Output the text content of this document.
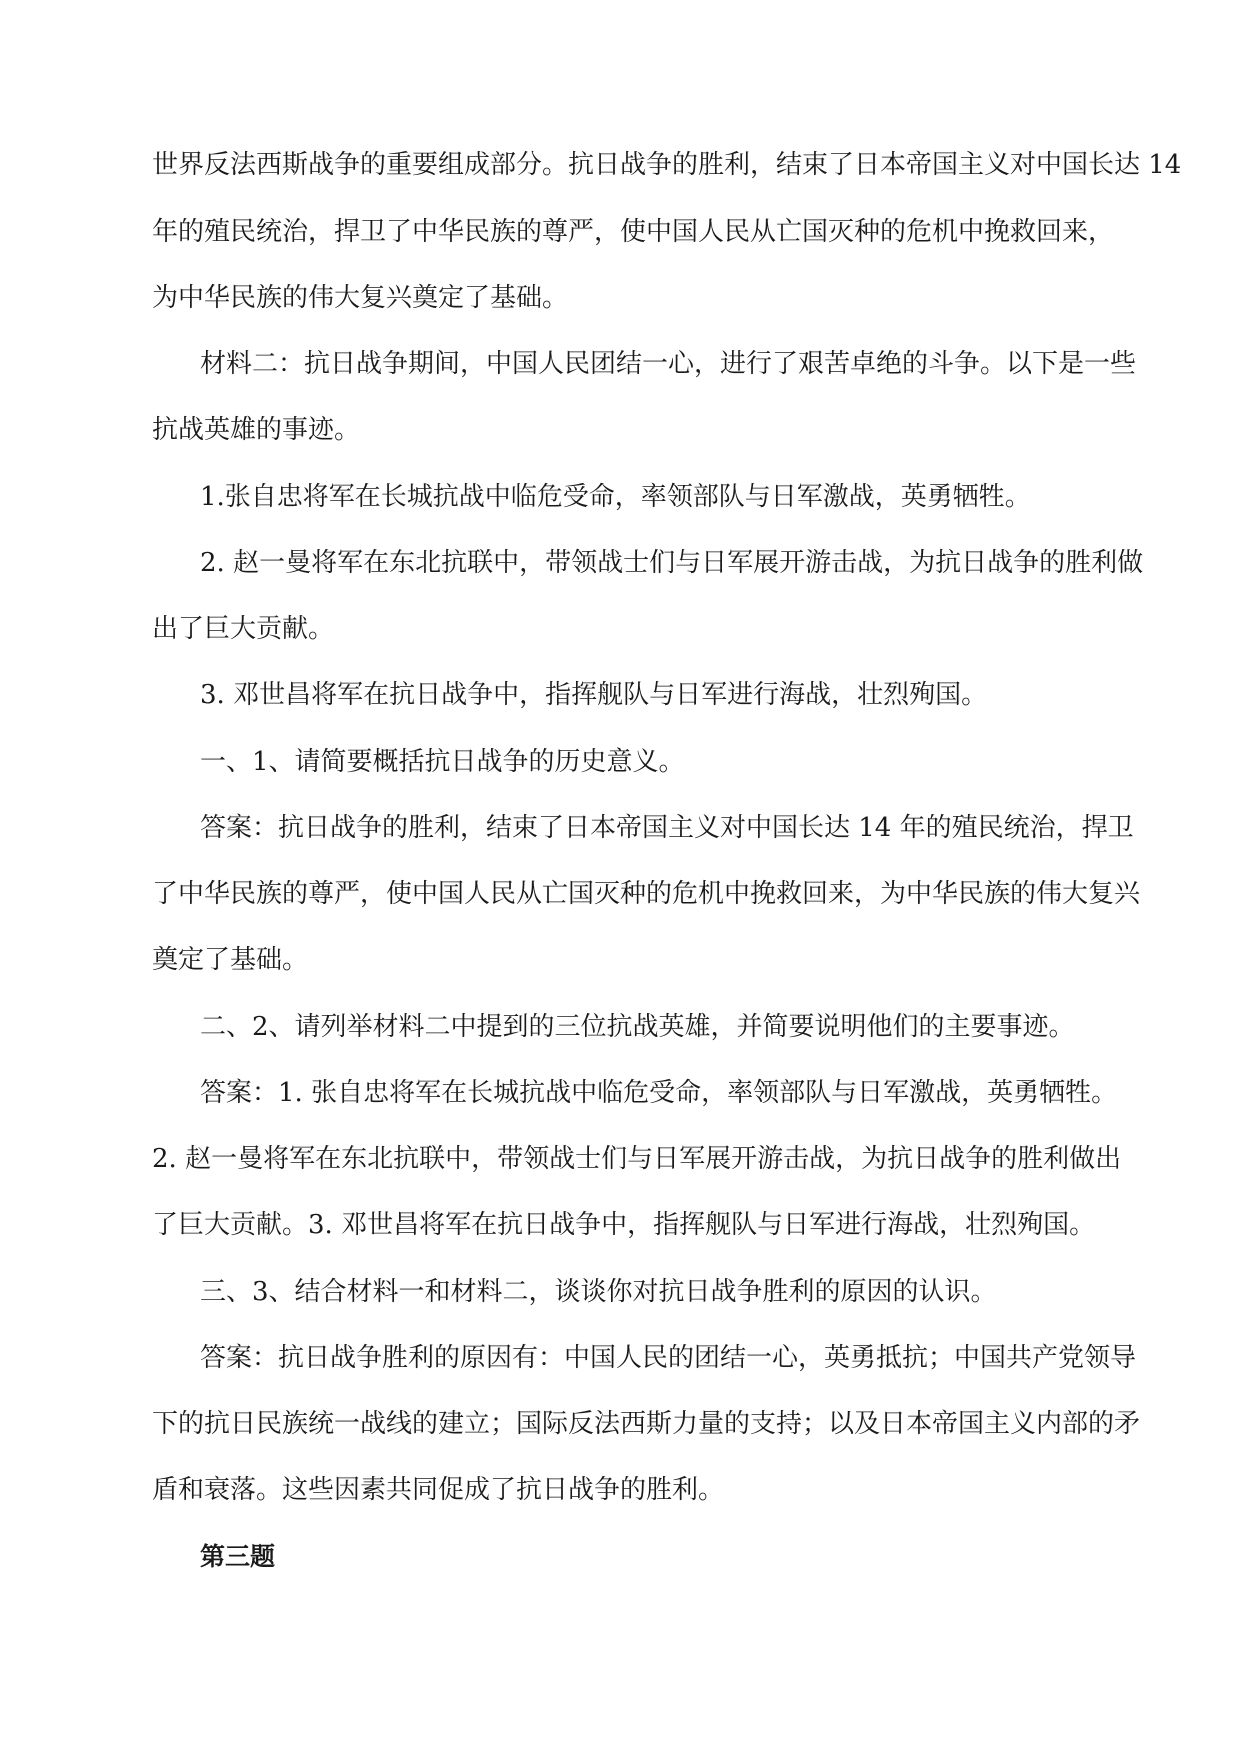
世界反法西斯战争的重要组成部分。抗日战争的胜利，结束了日本帝国主义对中国长达 14
年的殖民统治，捍卫了中华民族的尊严，使中国人民从亡国灭种的危机中挽救回来，
为中华民族的伟大复兴奠定了基础。
材料二：抗日战争期间，中国人民团结一心，进行了艰苦卓绝的斗争。以下是一些
抗战英雄的事迹。
1.张自忠将军在长城抗战中临危受命，率领部队与日军激战，英勇牺牲。
2. 赵一曼将军在东北抗联中，带领战士们与日军展开游击战，为抗日战争的胜利做
出了巨大贡献。
3. 邓世昌将军在抗日战争中，指挥舰队与日军进行海战，壮烈殉国。
一、1、请简要概括抗日战争的历史意义。
答案：抗日战争的胜利，结束了日本帝国主义对中国长达 14 年的殖民统治，捍卫
了中华民族的尊严，使中国人民从亡国灭种的危机中挽救回来，为中华民族的伟大复兴
奠定了基础。
二、2、请列举材料二中提到的三位抗战英雄，并简要说明他们的主要事迹。
答案：1. 张自忠将军在长城抗战中临危受命，率领部队与日军激战，英勇牺牲。
2. 赵一曼将军在东北抗联中，带领战士们与日军展开游击战，为抗日战争的胜利做出
了巨大贡献。3. 邓世昌将军在抗日战争中，指挥舰队与日军进行海战，壮烈殉国。
三、3、结合材料一和材料二，谈谈你对抗日战争胜利的原因的认识。
答案：抗日战争胜利的原因有：中国人民的团结一心，英勇抵抗；中国共产党领导
下的抗日民族统一战线的建立；国际反法西斯力量的支持；以及日本帝国主义内部的矛
盾和衰落。这些因素共同促成了抗日战争的胜利。
第三题
